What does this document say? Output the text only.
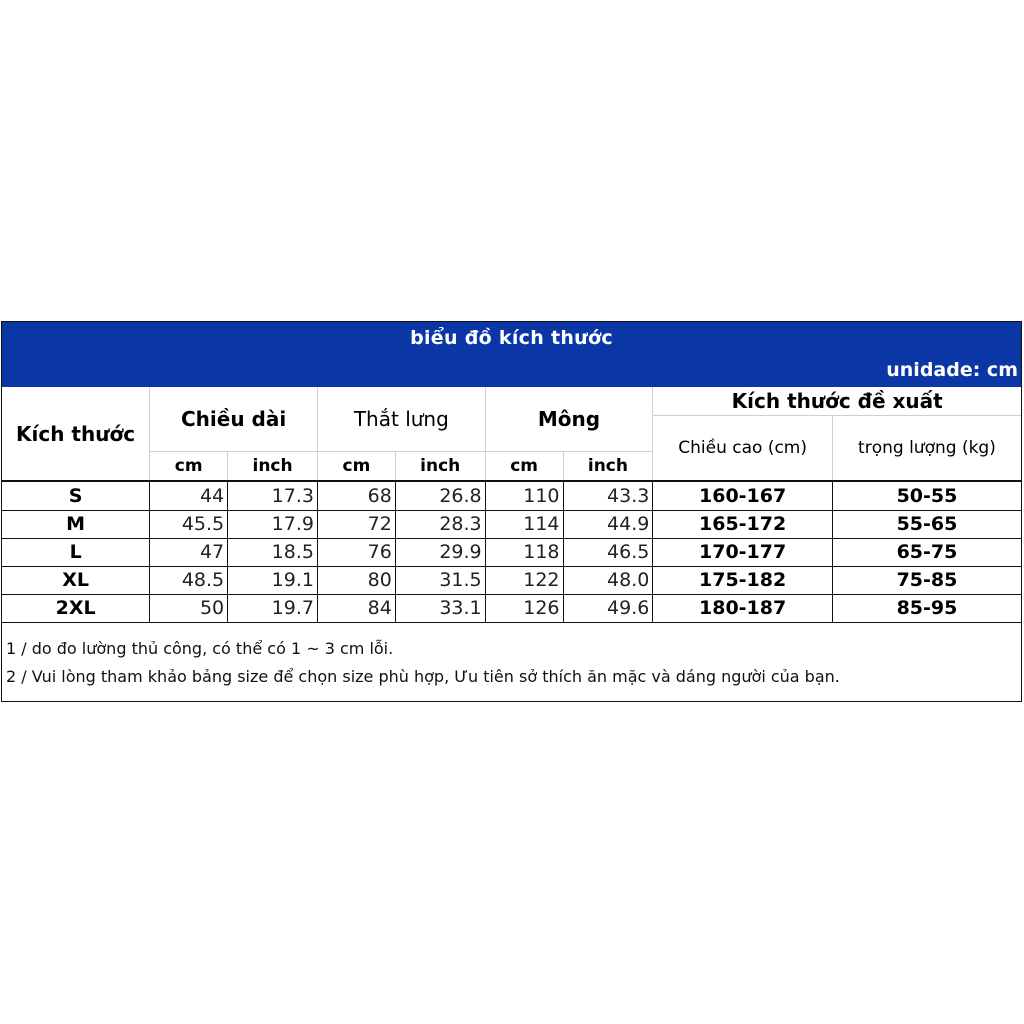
biểu đồ kích thước
unidade: cm
Kích thước	Chiều dài		Thắt lưng		Mông		Kích thước đề xuất	
							Chiều cao (cm)	trọng lượng (kg)
	cm	inch	cm	inch	cm	inch		
S	44	17.3	68	26.8	110	43.3	160-167	50-55
M	45.5	17.9	72	28.3	114	44.9	165-172	55-65
L	47	18.5	76	29.9	118	46.5	170-177	65-75
XL	48.5	19.1	80	31.5	122	48.0	175-182	75-85
2XL	50	19.7	84	33.1	126	49.6	180-187	85-95
1 / do đo lường thủ công, có thể có 1 ~ 3 cm lỗi.
2 / Vui lòng tham khảo bảng size để chọn size phù hợp, Ưu tiên sở thích ăn mặc và dáng người của bạn.
